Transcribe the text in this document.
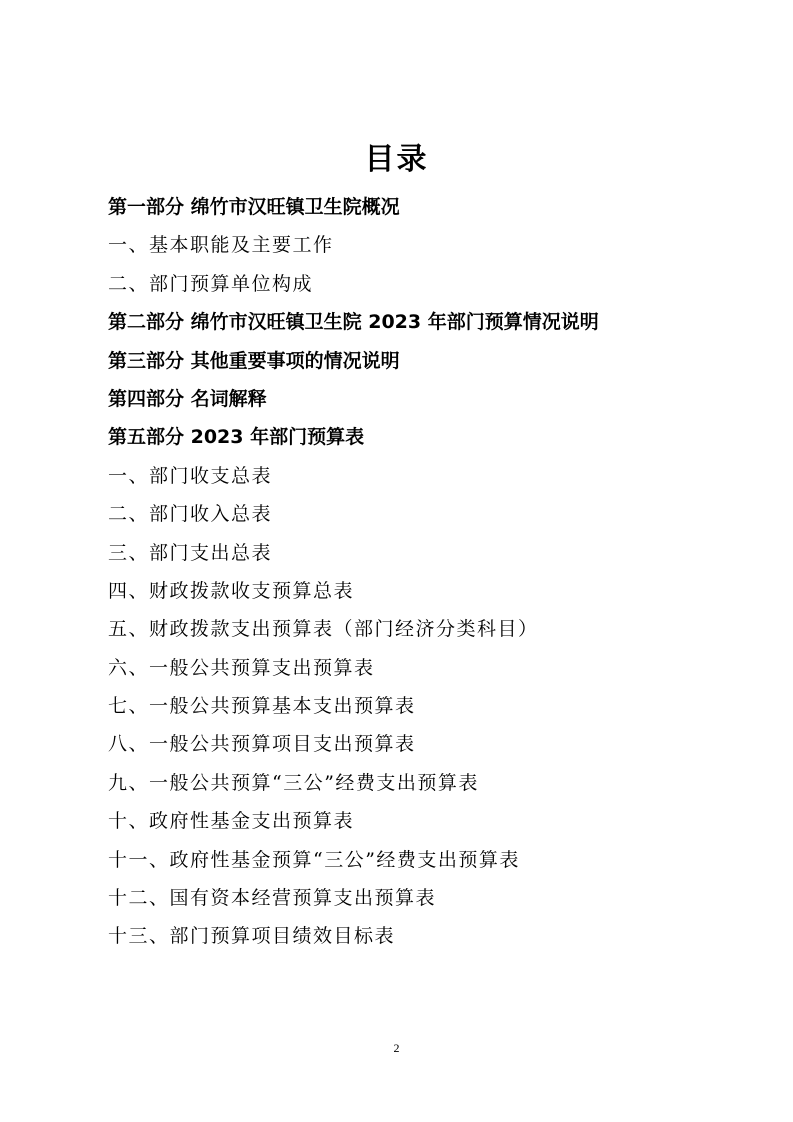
目录
第一部分 绵竹市汉旺镇卫生院概况
一、基本职能及主要工作
二、部门预算单位构成
第二部分 绵竹市汉旺镇卫生院 2023 年部门预算情况说明
第三部分 其他重要事项的情况说明
第四部分 名词解释
第五部分 2023 年部门预算表
一、部门收支总表
二、部门收入总表
三、部门支出总表
四、财政拨款收支预算总表
五、财政拨款支出预算表（部门经济分类科目）
六、一般公共预算支出预算表
七、一般公共预算基本支出预算表
八、一般公共预算项目支出预算表
九、一般公共预算“三公”经费支出预算表
十、政府性基金支出预算表
十一、政府性基金预算“三公”经费支出预算表
十二、国有资本经营预算支出预算表
十三、部门预算项目绩效目标表
2
